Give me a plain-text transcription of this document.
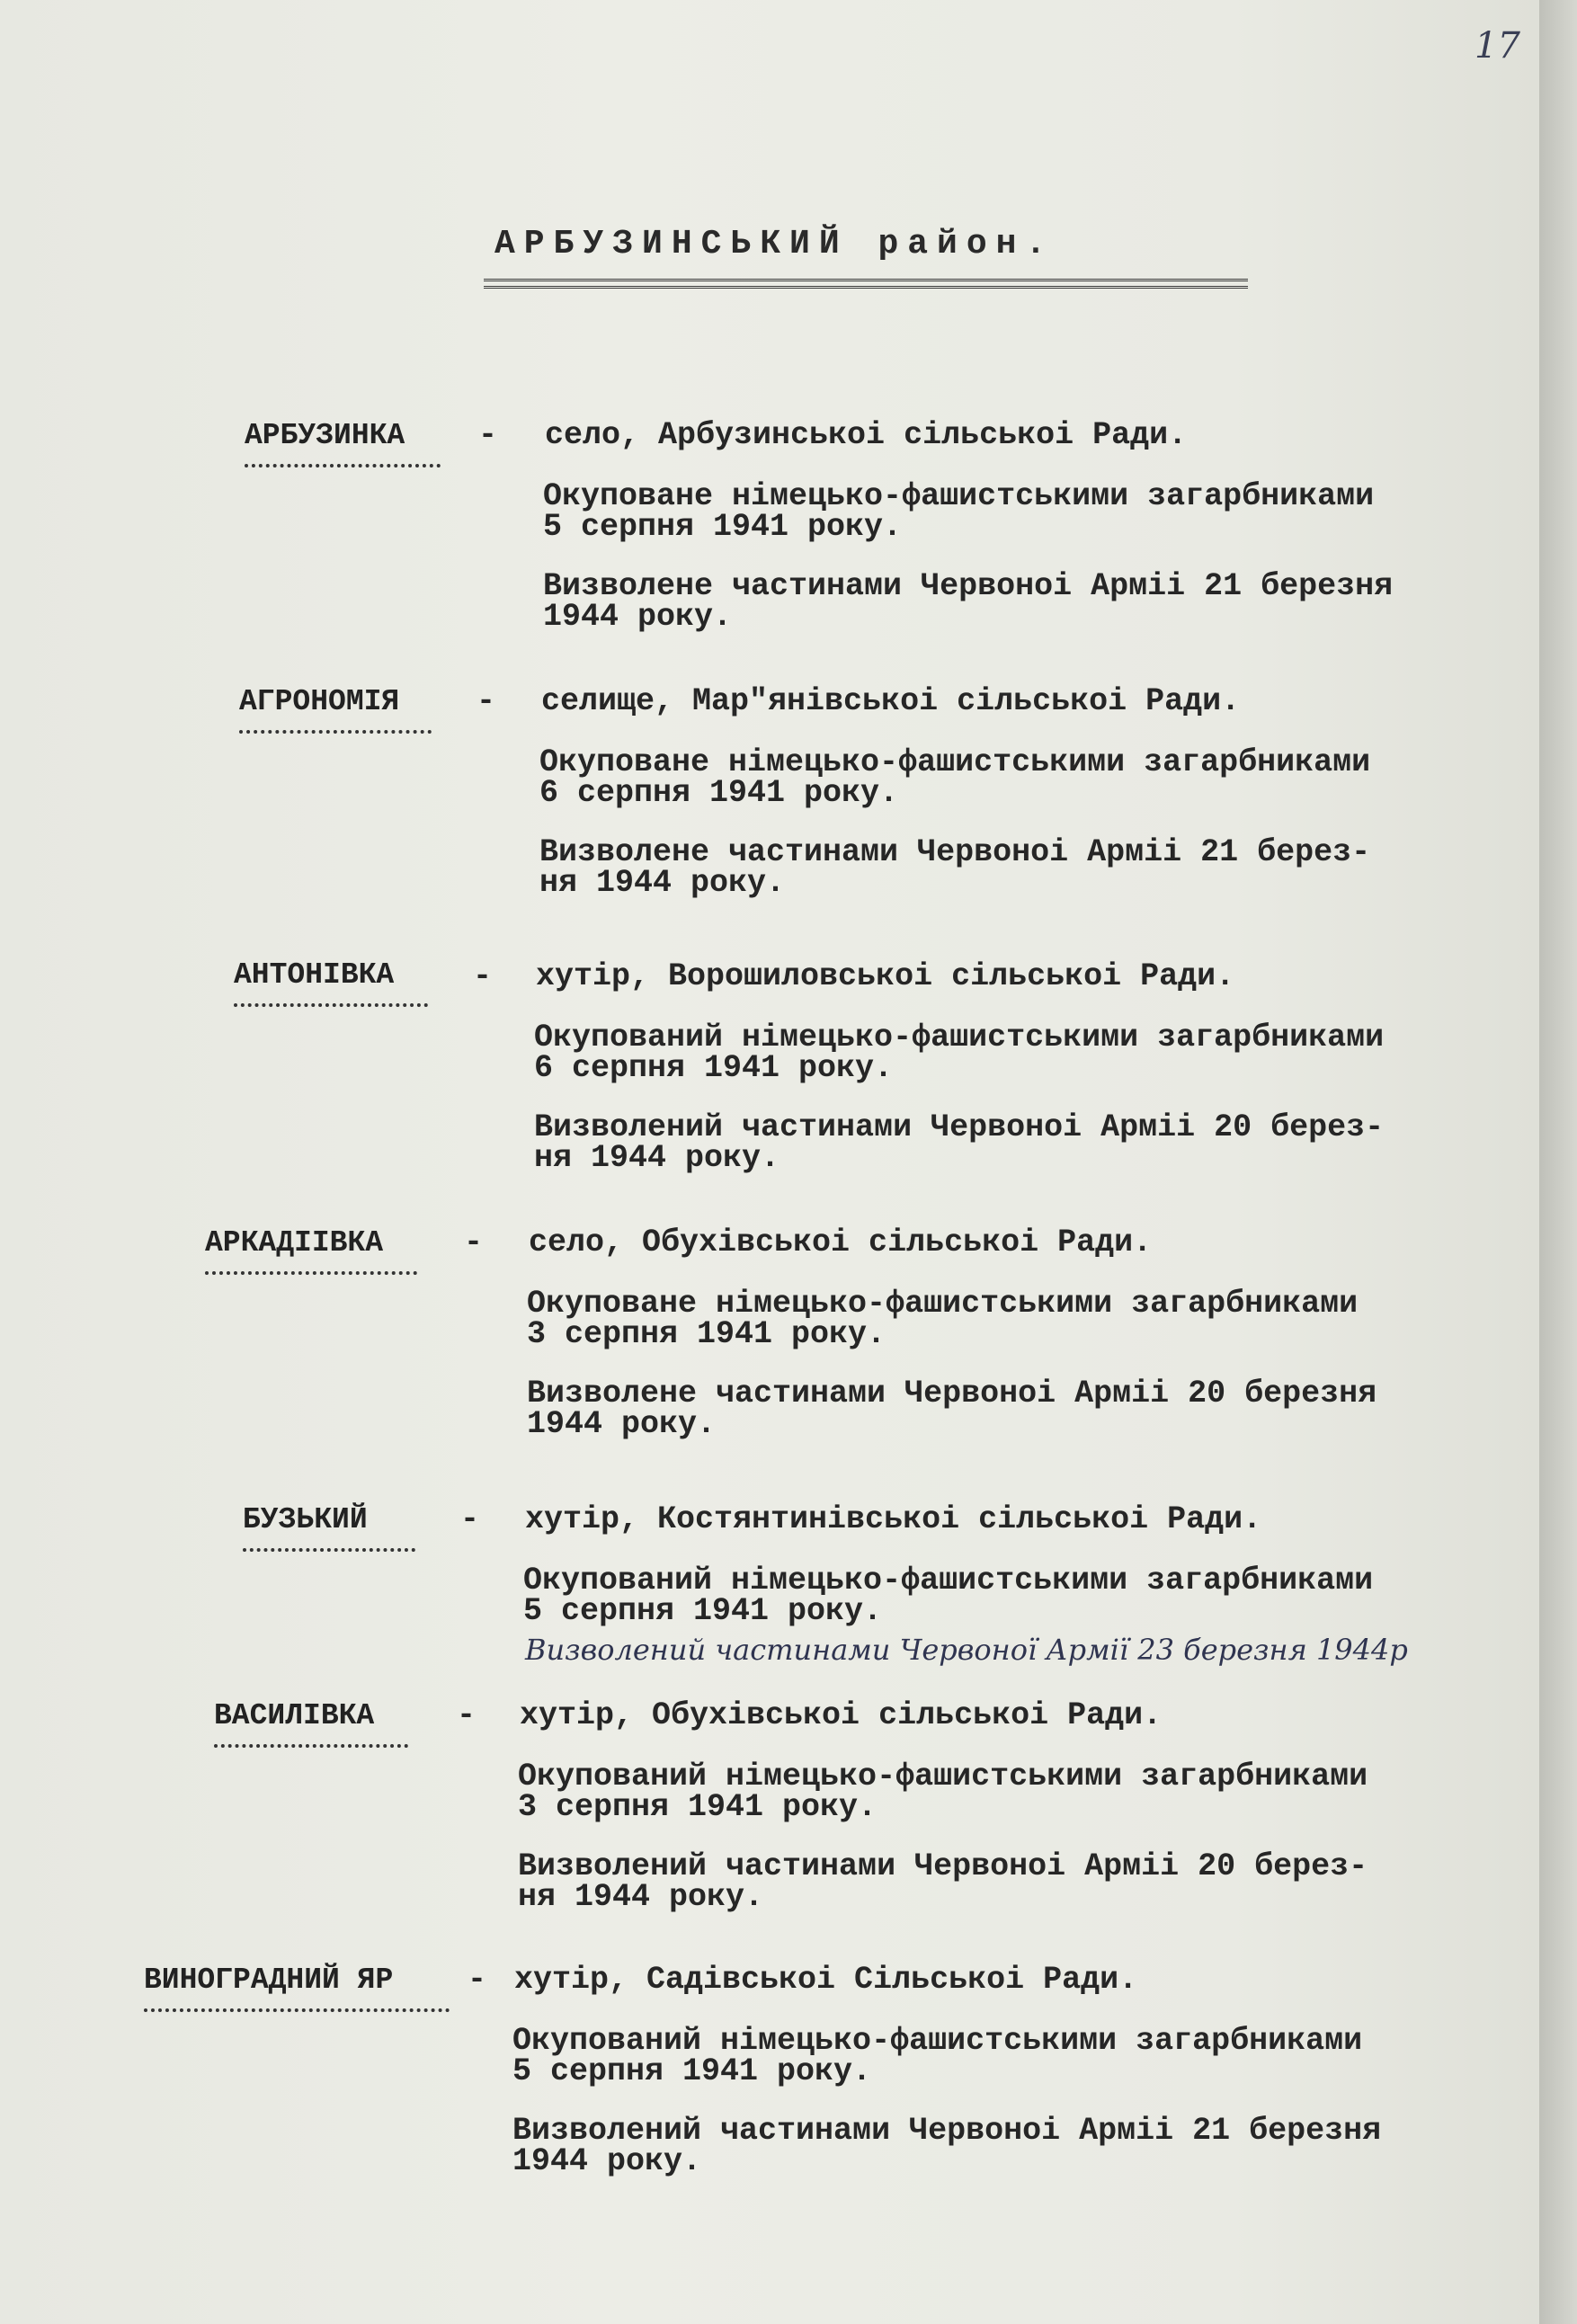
17
АРБУЗИНСЬКИЙ район.
АРБУЗИНКА - село, Арбузинськоі сільськоі Ради.
Окуповане німецько-фашистськими загарбниками
5 серпня 1941 року.
Визволене частинами Червоноі Арміі 21 березня
1944 року.
АГРОНОМІЯ - селище, Мар"янівськоі сільськоі Ради.
Окуповане німецько-фашистськими загарбниками
6 серпня 1941 року.
Визволене частинами Червоноі Арміі 21 берез-
ня 1944 року.
АНТОНІВКА	- хутір, Ворошиловськоі сільськоі Ради.
Окупований німецько-фашистськими загарбниками
6 серпня 1941 року.
Визволений частинами Червоноі Арміі 20 берез-
ня 1944 року.
АРКАДІІВКА	- село, Обухівськоі сільськоі Ради.
Окуповане німецько-фашистськими загарбниками
3 серпня 1941 року.
Визволене частинами Червоноі Арміі 20 березня
1944 року.
БУЗЬКИЙ	- хутір, Костянтинівськоі сільськоі Ради.
Окупований німецько-фашистськими загарбниками
5 серпня 1941 року.
Визволений частинами Червоної Армії 23 березня 1944р
ВАСИЛІВКА	- хутір, Обухівськоі сільськоі Ради.
Окупований німецько-фашистськими загарбниками
3 серпня 1941 року.
Визволений частинами Червоноі Арміі 20 берез-
ня 1944 року.
ВИНОГРАДНИЙ ЯР - хутір, Садівськоі Сільськоі Ради.
Окупований німецько-фашистськими загарбниками
5 серпня 1941 року.
Визволений частинами Червоноі Арміі 21 березня
1944 року.
